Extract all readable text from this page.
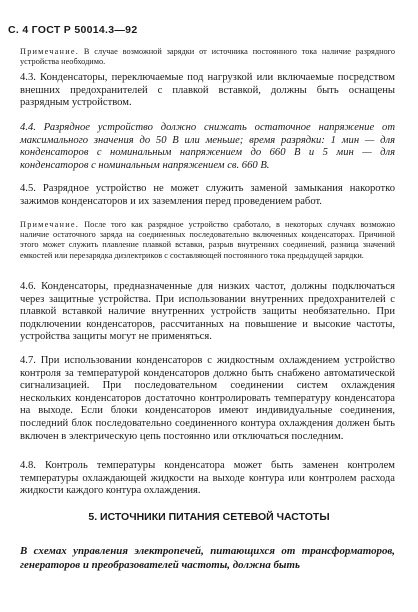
С. 4 ГОСТ Р 50014.3—92

Примечание. В случае возможной зарядки от источника постоянного тока наличие разрядного устройства необходимо.

4.3. Конденсаторы, переключаемые под нагрузкой или включаемые посредством внешних предохранителей с плавкой вставкой, должны быть оснащены разрядным устройством.

4.4. Разрядное устройство должно снижать остаточное напряжение от максимального значения до 50 В или меньше; время разрядки: 1 мин — для конденсаторов с номинальным напряжением до 660 В и 5 мин — для конденсаторов с номинальным напряжением св. 660 В.

4.5. Разрядное устройство не может служить заменой замыкания накоротко зажимов конденсаторов и их заземления перед проведением работ.

Примечание. После того как разрядное устройство сработало, в некоторых случаях возможно наличие остаточного заряда на соединенных последовательно включенных конденсаторах. Причиной этого может служить плавление плавкой вставки, разрыв внутренних соединений, разница значений емкостей или перезарядка диэлектриков с составляющей постоянного тока предыдущей зарядки.

4.6. Конденсаторы, предназначенные для низких частот, должны подключаться через защитные устройства. При использовании внутренних предохранителей с плавкой вставкой наличие внутренних устройств защиты необязательно. При подключении конденсаторов, рассчитанных на повышение и высокие частоты, устройства защиты могут не применяться.

4.7. При использовании конденсаторов с жидкостным охлаждением устройство контроля за температурой конденсаторов должно быть снабжено автоматической сигнализацией. При последовательном соединении систем охлаждения нескольких конденсаторов достаточно контролировать температуру конденсатора на выходе. Если блоки конденсаторов имеют индивидуальные соединения, последний блок последовательно соединенного контура охлаждения должен быть включен в электрическую цепь постоянно или отключаться последним.

4.8. Контроль температуры конденсатора может быть заменен контролем температуры охлаждающей жидкости на выходе контура или контролем расхода жидкости каждого контура охлаждения.

5. ИСТОЧНИКИ ПИТАНИЯ СЕТЕВОЙ ЧАСТОТЫ

В схемах управления электропечей, питающихся от трансформаторов, генераторов и преобразователей частоты, должна быть
